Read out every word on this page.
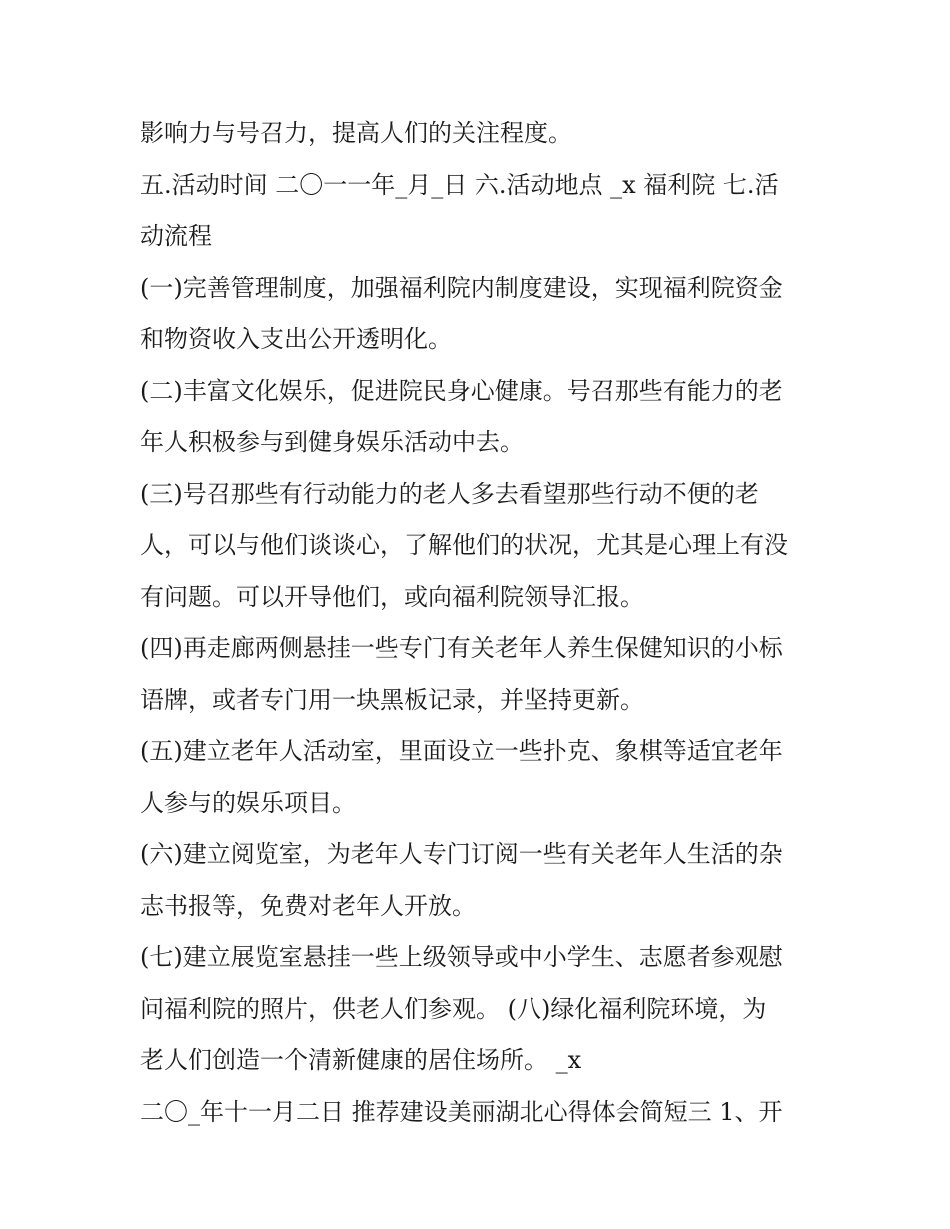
影响力与号召力，提高人们的关注程度。
五.活动时间 二〇一一年_月_日 六.活动地点 _x 福利院 七.活
动流程
(一)完善管理制度，加强福利院内制度建设，实现福利院资金
和物资收入支出公开透明化。
(二)丰富文化娱乐，促进院民身心健康。号召那些有能力的老
年人积极参与到健身娱乐活动中去。
(三)号召那些有行动能力的老人多去看望那些行动不便的老
人，可以与他们谈谈心，了解他们的状况，尤其是心理上有没
有问题。可以开导他们，或向福利院领导汇报。
(四)再走廊两侧悬挂一些专门有关老年人养生保健知识的小标
语牌，或者专门用一块黑板记录，并坚持更新。
(五)建立老年人活动室，里面设立一些扑克、象棋等适宜老年
人参与的娱乐项目。
(六)建立阅览室，为老年人专门订阅一些有关老年人生活的杂
志书报等，免费对老年人开放。
(七)建立展览室悬挂一些上级领导或中小学生、志愿者参观慰
问福利院的照片，供老人们参观。 (八)绿化福利院环境，为
老人们创造一个清新健康的居住场所。 _x
二〇_年十一月二日 推荐建设美丽湖北心得体会简短三 1、开
